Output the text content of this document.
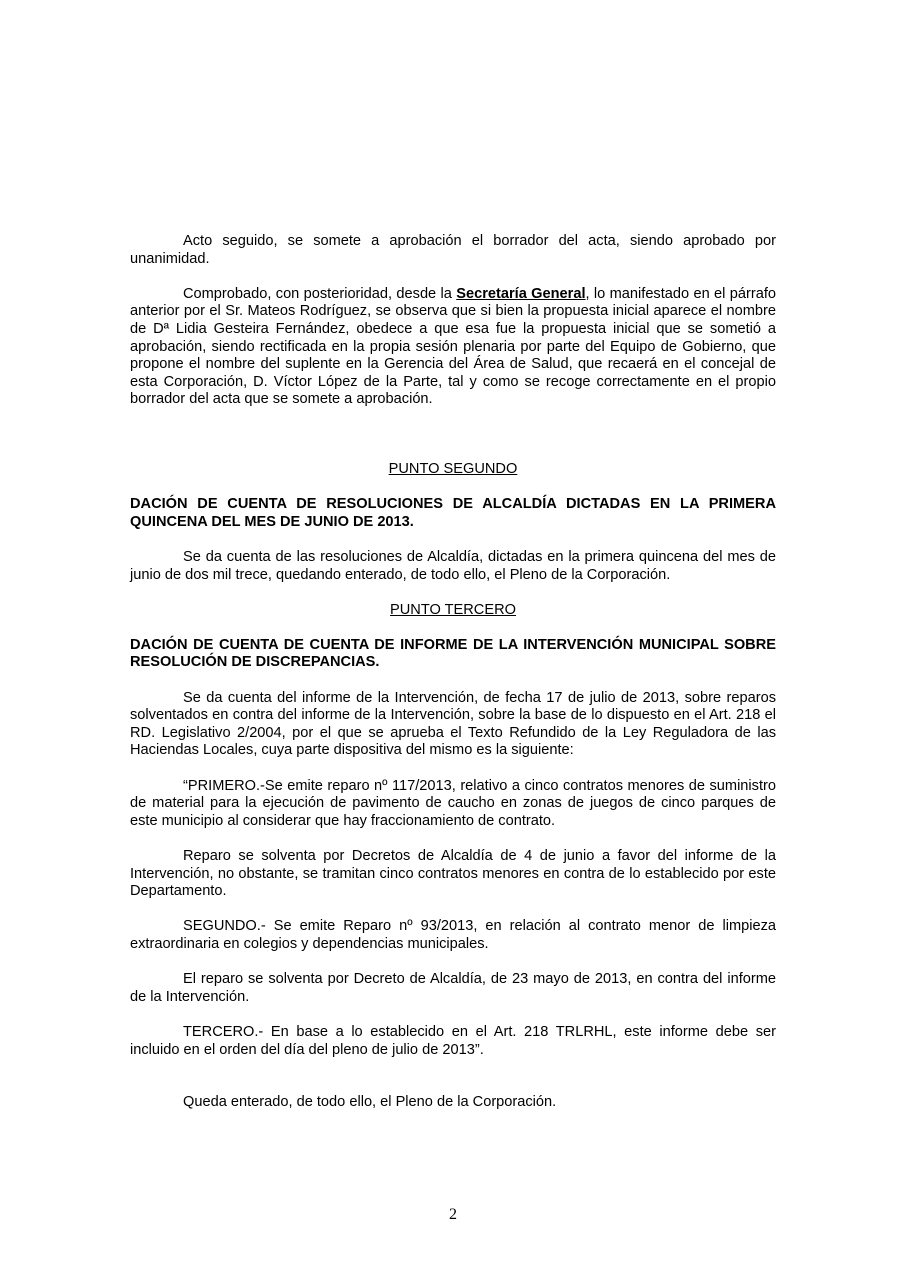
Acto seguido, se somete a aprobación el borrador del acta, siendo aprobado por unanimidad.

Comprobado, con posterioridad, desde la Secretaría General, lo manifestado en el párrafo anterior por el Sr. Mateos Rodríguez, se observa que si bien la propuesta inicial aparece el nombre de Dª Lidia Gesteira Fernández, obedece a que esa fue la propuesta inicial que se sometió a aprobación, siendo rectificada en la propia sesión plenaria por parte del Equipo de Gobierno, que propone el nombre del suplente en la Gerencia del Área de Salud, que recaerá en el concejal de esta Corporación, D. Víctor López de la Parte, tal y como se recoge correctamente en el propio borrador del acta que se somete a aprobación.

PUNTO SEGUNDO

DACIÓN DE CUENTA DE RESOLUCIONES DE ALCALDÍA DICTADAS EN LA PRIMERA QUINCENA DEL MES DE JUNIO DE 2013.

Se da cuenta de las resoluciones de Alcaldía, dictadas en la primera quincena del mes de junio de dos mil trece, quedando enterado, de todo ello, el Pleno de la Corporación.

PUNTO TERCERO

DACIÓN DE CUENTA DE CUENTA DE INFORME DE LA INTERVENCIÓN MUNICIPAL SOBRE RESOLUCIÓN DE DISCREPANCIAS.

Se da cuenta del informe de la Intervención, de fecha 17 de julio de 2013, sobre reparos solventados en contra del informe de la Intervención, sobre la base de lo dispuesto en el Art. 218 el RD. Legislativo 2/2004, por el que se aprueba el Texto Refundido de la Ley Reguladora de las Haciendas Locales, cuya parte dispositiva del mismo es la siguiente:

“PRIMERO.-Se emite reparo nº 117/2013, relativo a cinco contratos menores de suministro de material para la ejecución de pavimento de caucho en zonas de juegos de cinco parques de este municipio al considerar que hay fraccionamiento de contrato.

Reparo se solventa por Decretos de Alcaldía de 4 de junio a favor del informe de la Intervención, no obstante, se tramitan cinco contratos menores en contra de lo establecido por este Departamento.

SEGUNDO.- Se emite Reparo nº 93/2013, en relación al contrato menor de limpieza extraordinaria en colegios y dependencias municipales.

El reparo se solventa por Decreto de Alcaldía, de 23 mayo de 2013, en contra del informe de la Intervención.

TERCERO.- En base a lo establecido en el Art. 218 TRLRHL, este informe debe ser incluido en el orden del día del pleno de julio de 2013”.

Queda enterado, de todo ello, el Pleno de la Corporación.

2
